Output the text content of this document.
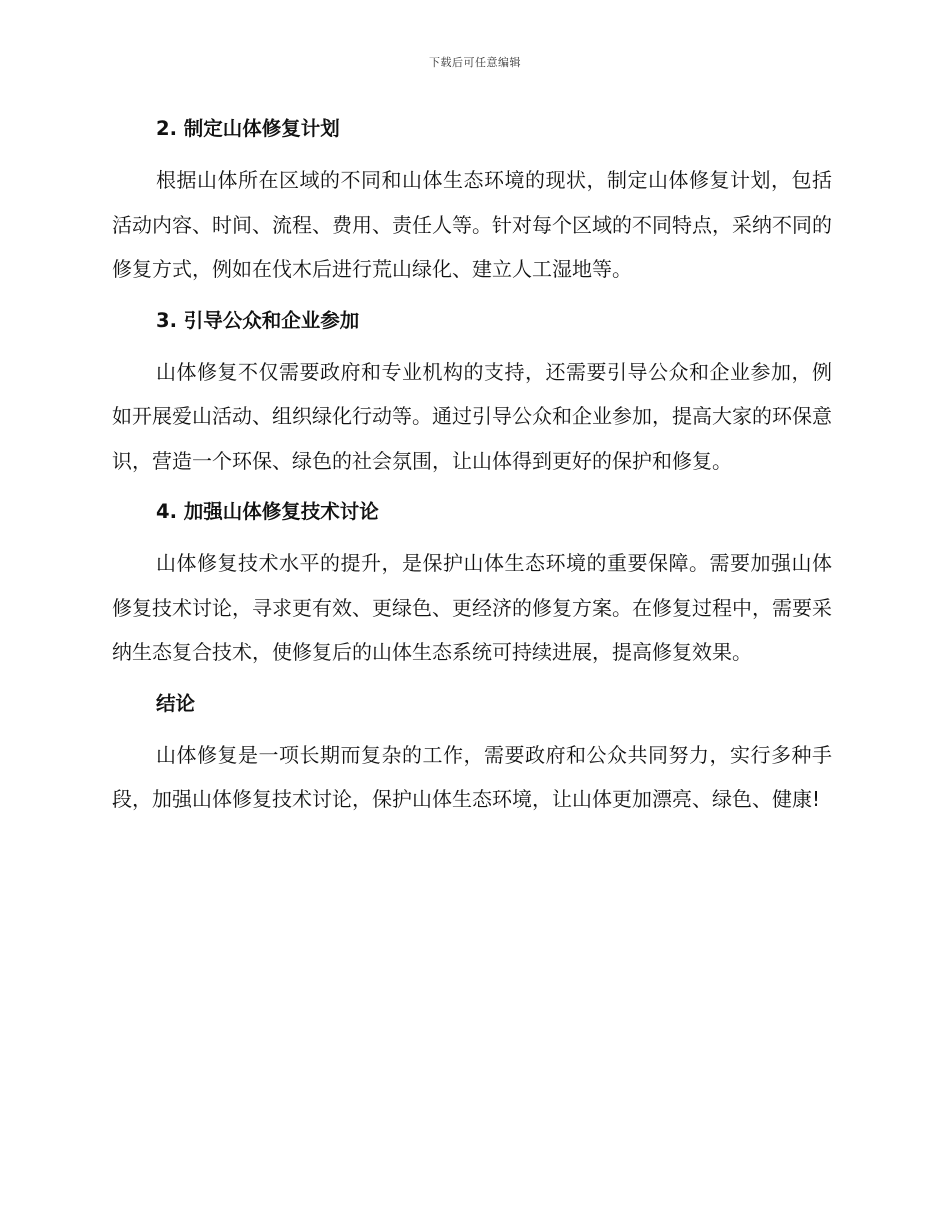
下载后可任意编辑
2. 制定山体修复计划

根据山体所在区域的不同和山体生态环境的现状，制定山体修复计划，包括活动内容、时间、流程、费用、责任人等。针对每个区域的不同特点，采纳不同的修复方式，例如在伐木后进行荒山绿化、建立人工湿地等。

3. 引导公众和企业参加

山体修复不仅需要政府和专业机构的支持，还需要引导公众和企业参加，例如开展爱山活动、组织绿化行动等。通过引导公众和企业参加，提高大家的环保意识，营造一个环保、绿色的社会氛围，让山体得到更好的保护和修复。

4. 加强山体修复技术讨论

山体修复技术水平的提升，是保护山体生态环境的重要保障。需要加强山体修复技术讨论，寻求更有效、更绿色、更经济的修复方案。在修复过程中，需要采纳生态复合技术，使修复后的山体生态系统可持续进展，提高修复效果。

结论

山体修复是一项长期而复杂的工作，需要政府和公众共同努力，实行多种手段，加强山体修复技术讨论，保护山体生态环境，让山体更加漂亮、绿色、健康!
